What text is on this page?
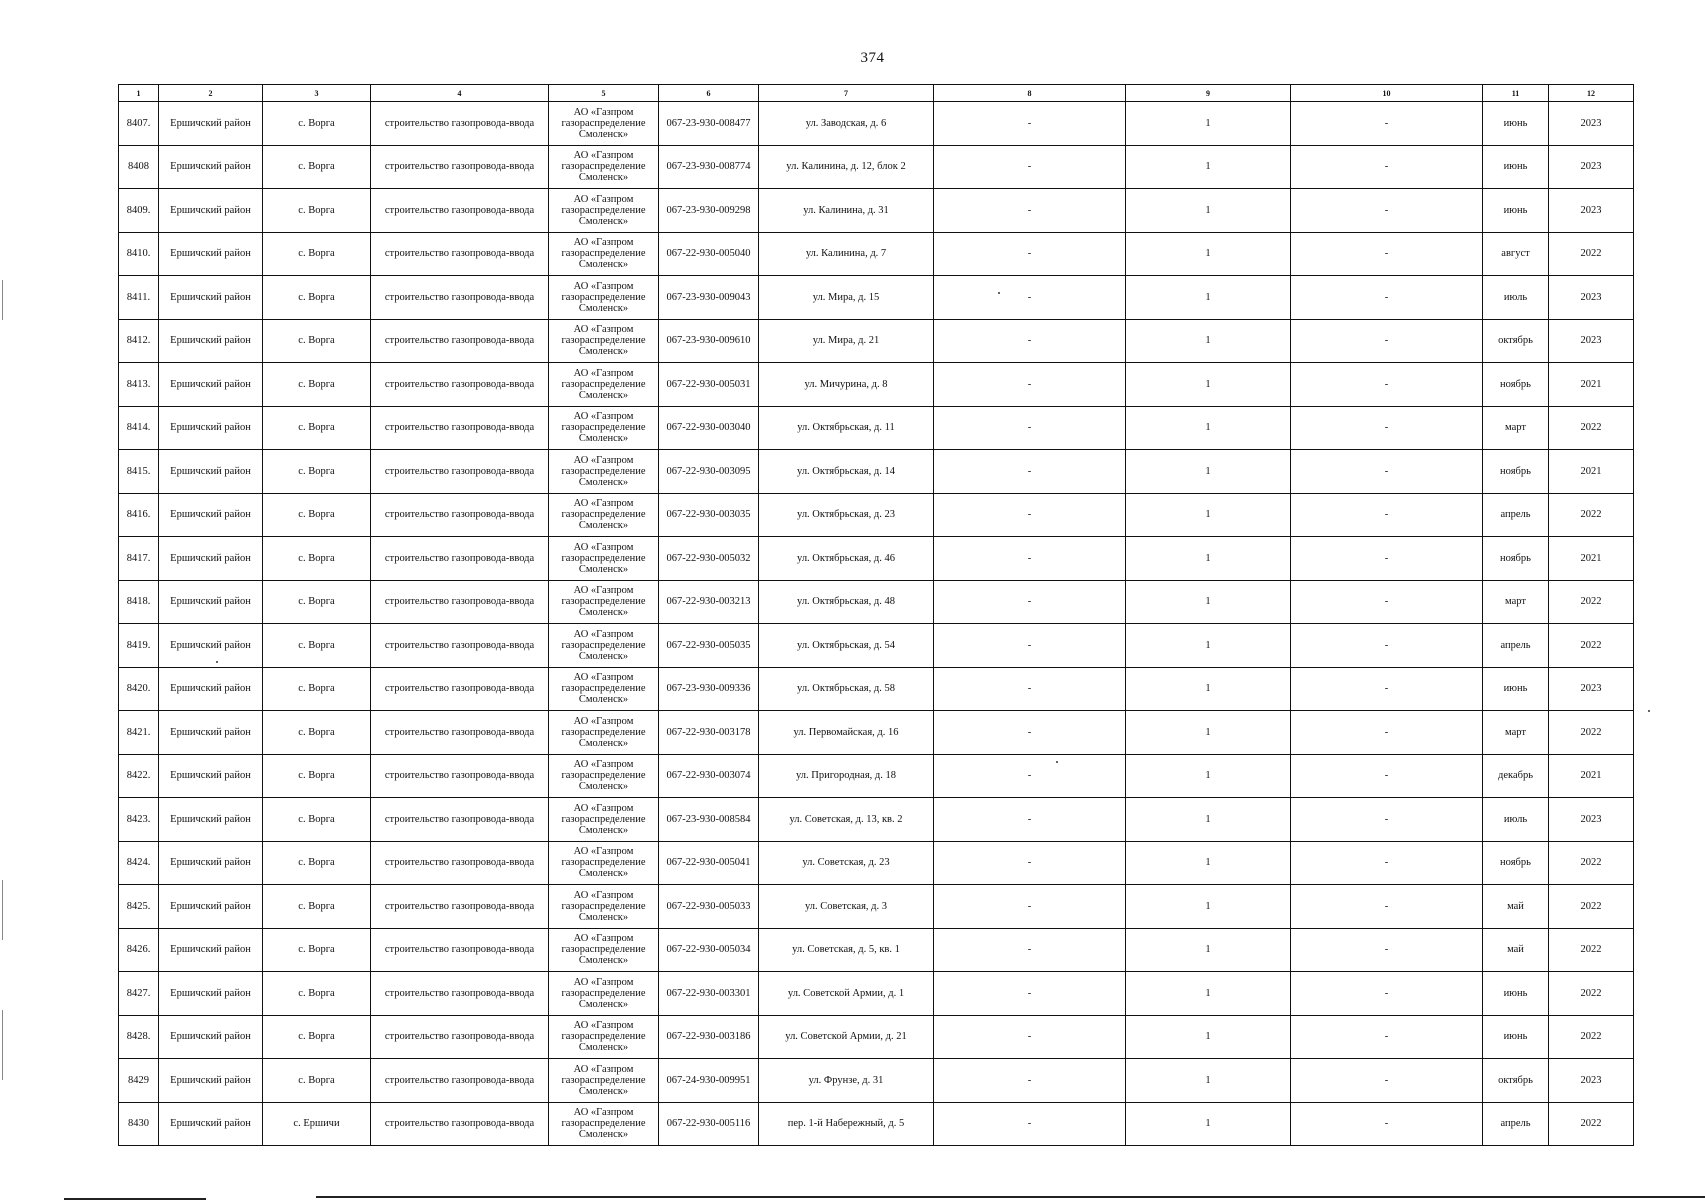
374
1	2	3	4	5	6	7	8	9	10	11	12
8407.	Ершичский район	с. Ворга	строительство газопровода-ввода	АО «Газпром
газораспределение
Смоленск»	067-23-930-008477	ул. Заводская, д. 6	-	1	-	июнь	2023
8408	Ершичский район	с. Ворга	строительство газопровода-ввода	АО «Газпром
газораспределение
Смоленск»	067-23-930-008774	ул. Калинина, д. 12, блок 2	-	1	-	июнь	2023
8409.	Ершичский район	с. Ворга	строительство газопровода-ввода	АО «Газпром
газораспределение
Смоленск»	067-23-930-009298	ул. Калинина, д. 31	-	1	-	июнь	2023
8410.	Ершичский район	с. Ворга	строительство газопровода-ввода	АО «Газпром
газораспределение
Смоленск»	067-22-930-005040	ул. Калинина, д. 7	-	1	-	август	2022
8411.	Ершичский район	с. Ворга	строительство газопровода-ввода	АО «Газпром
газораспределение
Смоленск»	067-23-930-009043	ул. Мира, д. 15	-	1	-	июль	2023
8412.	Ершичский район	с. Ворга	строительство газопровода-ввода	АО «Газпром
газораспределение
Смоленск»	067-23-930-009610	ул. Мира, д. 21	-	1	-	октябрь	2023
8413.	Ершичский район	с. Ворга	строительство газопровода-ввода	АО «Газпром
газораспределение
Смоленск»	067-22-930-005031	ул. Мичурина, д. 8	-	1	-	ноябрь	2021
8414.	Ершичский район	с. Ворга	строительство газопровода-ввода	АО «Газпром
газораспределение
Смоленск»	067-22-930-003040	ул. Октябрьская, д. 11	-	1	-	март	2022
8415.	Ершичский район	с. Ворга	строительство газопровода-ввода	АО «Газпром
газораспределение
Смоленск»	067-22-930-003095	ул. Октябрьская, д. 14	-	1	-	ноябрь	2021
8416.	Ершичский район	с. Ворга	строительство газопровода-ввода	АО «Газпром
газораспределение
Смоленск»	067-22-930-003035	ул. Октябрьская, д. 23	-	1	-	апрель	2022
8417.	Ершичский район	с. Ворга	строительство газопровода-ввода	АО «Газпром
газораспределение
Смоленск»	067-22-930-005032	ул. Октябрьская, д. 46	-	1	-	ноябрь	2021
8418.	Ершичский район	с. Ворга	строительство газопровода-ввода	АО «Газпром
газораспределение
Смоленск»	067-22-930-003213	ул. Октябрьская, д. 48	-	1	-	март	2022
8419.	Ершичский район	с. Ворга	строительство газопровода-ввода	АО «Газпром
газораспределение
Смоленск»	067-22-930-005035	ул. Октябрьская, д. 54	-	1	-	апрель	2022
8420.	Ершичский район	с. Ворга	строительство газопровода-ввода	АО «Газпром
газораспределение
Смоленск»	067-23-930-009336	ул. Октябрьская, д. 58	-	1	-	июнь	2023
8421.	Ершичский район	с. Ворга	строительство газопровода-ввода	АО «Газпром
газораспределение
Смоленск»	067-22-930-003178	ул. Первомайская, д. 16	-	1	-	март	2022
8422.	Ершичский район	с. Ворга	строительство газопровода-ввода	АО «Газпром
газораспределение
Смоленск»	067-22-930-003074	ул. Пригородная, д. 18	-	1	-	декабрь	2021
8423.	Ершичский район	с. Ворга	строительство газопровода-ввода	АО «Газпром
газораспределение
Смоленск»	067-23-930-008584	ул. Советская, д. 13, кв. 2	-	1	-	июль	2023
8424.	Ершичский район	с. Ворга	строительство газопровода-ввода	АО «Газпром
газораспределение
Смоленск»	067-22-930-005041	ул. Советская, д. 23	-	1	-	ноябрь	2022
8425.	Ершичский район	с. Ворга	строительство газопровода-ввода	АО «Газпром
газораспределение
Смоленск»	067-22-930-005033	ул. Советская, д. 3	-	1	-	май	2022
8426.	Ершичский район	с. Ворга	строительство газопровода-ввода	АО «Газпром
газораспределение
Смоленск»	067-22-930-005034	ул. Советская, д. 5, кв. 1	-	1	-	май	2022
8427.	Ершичский район	с. Ворга	строительство газопровода-ввода	АО «Газпром
газораспределение
Смоленск»	067-22-930-003301	ул. Советской Армии, д. 1	-	1	-	июнь	2022
8428.	Ершичский район	с. Ворга	строительство газопровода-ввода	АО «Газпром
газораспределение
Смоленск»	067-22-930-003186	ул. Советской Армии, д. 21	-	1	-	июнь	2022
8429	Ершичский район	с. Ворга	строительство газопровода-ввода	АО «Газпром
газораспределение
Смоленск»	067-24-930-009951	ул. Фрунзе, д. 31	-	1	-	октябрь	2023
8430	Ершичский район	с. Ершичи	строительство газопровода-ввода	АО «Газпром
газораспределение
Смоленск»	067-22-930-005116	пер. 1-й Набережный, д. 5	-	1	-	апрель	2022
